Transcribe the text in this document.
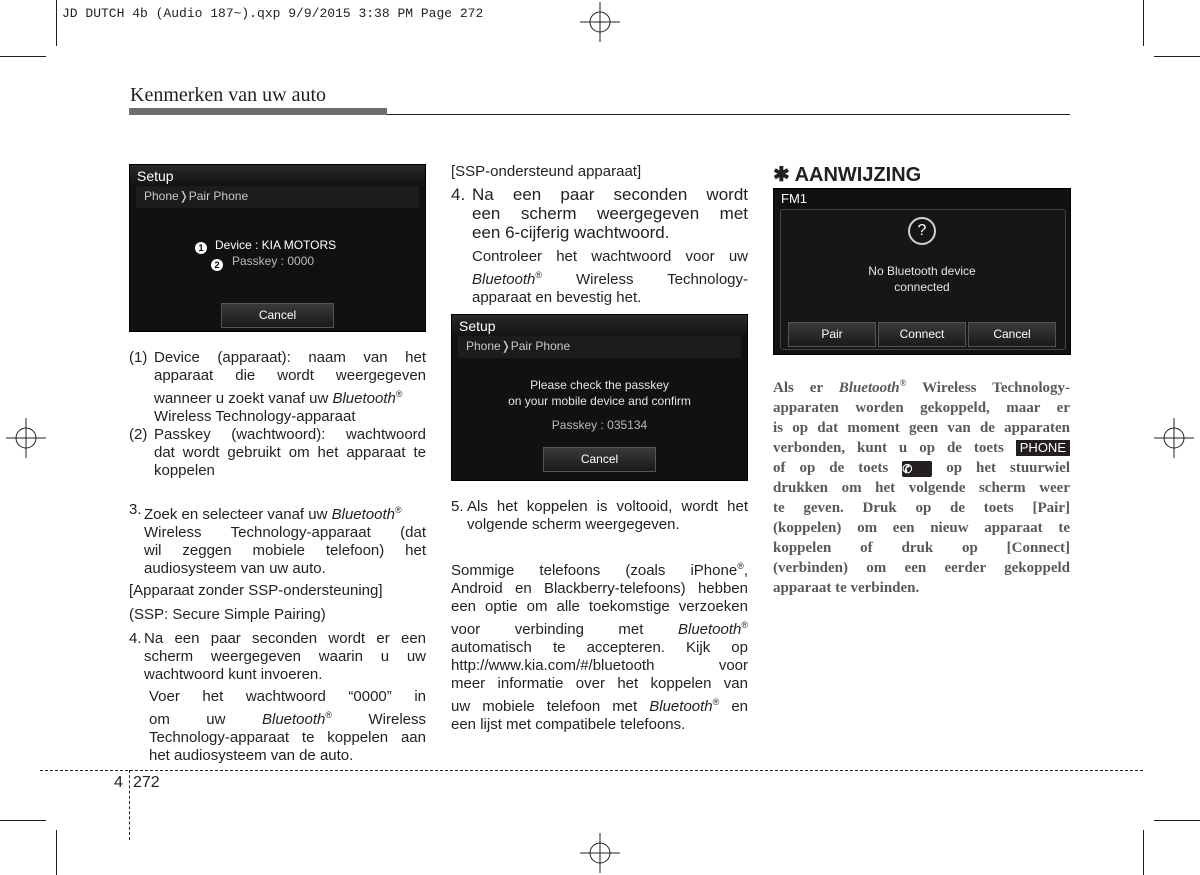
JD DUTCH 4b (Audio 187~).qxp 9/9/2015 3:38 PM Page 272
Kenmerken van uw auto
Setup
Phone❭Pair Phone
1 Device : KIA MOTORS
2 Passkey : 0000
Cancel
(1) Device (apparaat): naam van het
apparaat die wordt weergegeven
wanneer u zoekt vanaf uw Bluetooth®
Wireless Technology-apparaat
(2) Passkey (wachtwoord): wachtwoord
dat wordt gebruikt om het apparaat te
koppelen
3. Zoek en selecteer vanaf uw Bluetooth®
Wireless Technology-apparaat (dat
wil zeggen mobiele telefoon) het
audiosysteem van uw auto.
[Apparaat zonder SSP-ondersteuning]
(SSP: Secure Simple Pairing)
4. Na een paar seconden wordt er een
scherm weergegeven waarin u uw
wachtwoord kunt invoeren.
Voer het wachtwoord “0000” in
om uw Bluetooth® Wireless
Technology-apparaat te koppelen aan
het audiosysteem van de auto.
[SSP-ondersteund apparaat]
4. Na een paar seconden wordt
een scherm weergegeven met
een 6-cijferig wachtwoord.
Controleer het wachtwoord voor uw
Bluetooth® Wireless Technology-
apparaat en bevestig het.
Setup
Phone❭Pair Phone
Please check the passkey
on your mobile device and confirm
Passkey : 035134
Cancel
5. Als het koppelen is voltooid, wordt het
volgende scherm weergegeven.
Sommige telefoons (zoals iPhone®,
Android en Blackberry-telefoons) hebben
een optie om alle toekomstige verzoeken
voor verbinding met Bluetooth®
automatisch te accepteren. Kijk op
http://www.kia.com/#/bluetooth	voor
meer informatie over het koppelen van
uw mobiele telefoon met Bluetooth® en
een lijst met compatibele telefoons.
✱ AANWIJZING
FM1
?
No Bluetooth device
connected
Pair	Connect	Cancel
Als er Bluetooth® Wireless Technology-
apparaten worden gekoppeld, maar er
is op dat moment geen van de apparaten
verbonden, kunt u op de toets PHONE
of op de toets ✆ op het stuurwiel
drukken om het volgende scherm weer
te geven. Druk op de toets [Pair]
(koppelen) om een nieuw apparaat te
koppelen of druk op [Connect]
(verbinden) om een eerder gekoppeld
apparaat te verbinden.
4 272
